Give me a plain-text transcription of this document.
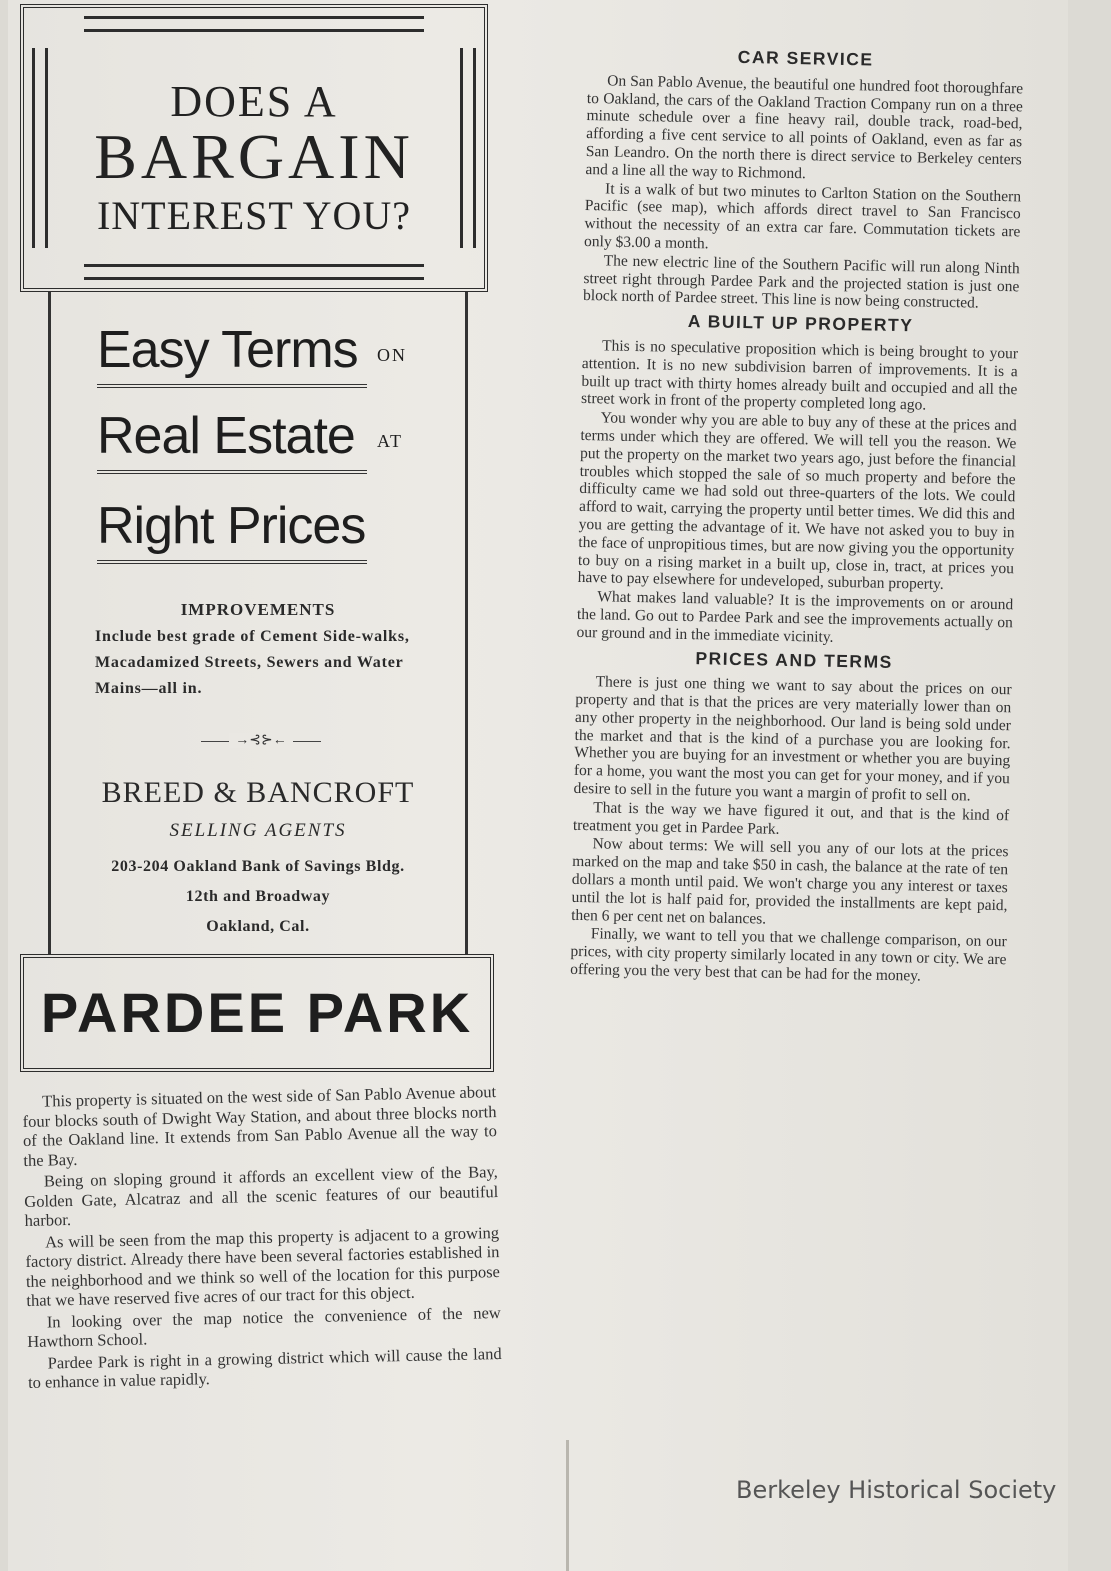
DOES A
BARGAIN
INTEREST YOU?
Easy Terms ON
Real Estate AT
Right Prices
IMPROVEMENTS
Include best grade of Cement Side-walks, Macadamized Streets, Sewers and Water Mains—all in.
→⊰⊱←
BREED & BANCROFT
SELLING AGENTS
203-204 Oakland Bank of Savings Bldg.
12th and Broadway
Oakland, Cal.
PARDEE PARK

This property is situated on the west side of San Pablo Avenue about four blocks south of Dwight Way Station, and about three blocks north of the Oakland line. It extends from San Pablo Avenue all the way to the Bay.

Being on sloping ground it affords an excellent view of the Bay, Golden Gate, Alcatraz and all the scenic features of our beautiful harbor.

As will be seen from the map this property is adjacent to a growing factory district. Already there have been several factories established in the neighborhood and we think so well of the location for this purpose that we have reserved five acres of our tract for this object.

In looking over the map notice the convenience of the new Hawthorn School.

Pardee Park is right in a growing district which will cause the land to enhance in value rapidly.

CAR SERVICE

On San Pablo Avenue, the beautiful one hundred foot thoroughfare to Oakland, the cars of the Oakland Traction Company run on a three minute schedule over a fine heavy rail, double track, road-bed, affording a five cent service to all points of Oakland, even as far as San Leandro. On the north there is direct service to Berkeley centers and a line all the way to Richmond.

It is a walk of but two minutes to Carlton Station on the Southern Pacific (see map), which affords direct travel to San Francisco without the necessity of an extra car fare. Commutation tickets are only $3.00 a month.

The new electric line of the Southern Pacific will run along Ninth street right through Pardee Park and the projected station is just one block north of Pardee street. This line is now being constructed.

A BUILT UP PROPERTY

This is no speculative proposition which is being brought to your attention. It is no new subdivision barren of improvements. It is a built up tract with thirty homes already built and occupied and all the street work in front of the property completed long ago.

You wonder why you are able to buy any of these at the prices and terms under which they are offered. We will tell you the reason. We put the property on the market two years ago, just before the financial troubles which stopped the sale of so much property and before the difficulty came we had sold out three-quarters of the lots. We could afford to wait, carrying the property until better times. We did this and you are getting the advantage of it. We have not asked you to buy in the face of unpropitious times, but are now giving you the opportunity to buy on a rising market in a built up, close in, tract, at prices you have to pay elsewhere for undeveloped, suburban property.

What makes land valuable? It is the improvements on or around the land. Go out to Pardee Park and see the improvements actually on our ground and in the immediate vicinity.

PRICES AND TERMS

There is just one thing we want to say about the prices on our property and that is that the prices are very materially lower than on any other property in the neighborhood. Our land is being sold under the market and that is the kind of a purchase you are looking for. Whether you are buying for an investment or whether you are buying for a home, you want the most you can get for your money, and if you desire to sell in the future you want a margin of profit to sell on.

That is the way we have figured it out, and that is the kind of treatment you get in Pardee Park.

Now about terms: We will sell you any of our lots at the prices marked on the map and take $50 in cash, the balance at the rate of ten dollars a month until paid. We won't charge you any interest or taxes until the lot is half paid for, provided the installments are kept paid, then 6 per cent net on balances.

Finally, we want to tell you that we challenge comparison, on our prices, with city property similarly located in any town or city. We are offering you the very best that can be had for the money.

Berkeley Historical Society
